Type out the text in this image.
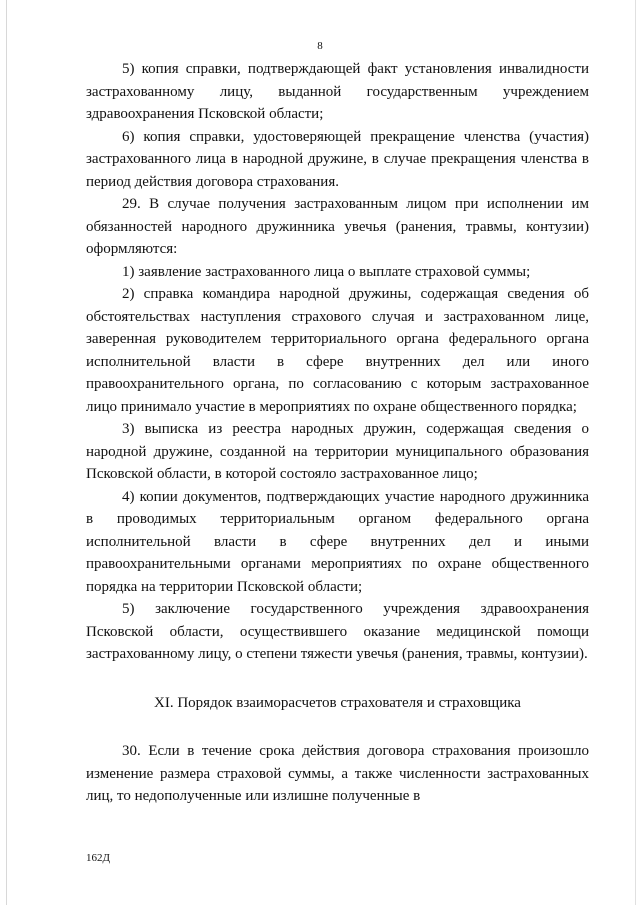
8

5) копия справки, подтверждающей факт установления инвалидности застрахованному лицу, выданной государственным учреждением здравоохранения Псковской области;

6) копия справки, удостоверяющей прекращение членства (участия) застрахованного лица в народной дружине, в случае прекращения членства в период действия договора страхования.

29. В случае получения застрахованным лицом при исполнении им обязанностей народного дружинника увечья (ранения, травмы, контузии) оформляются:

1) заявление застрахованного лица о выплате страховой суммы;

2) справка командира народной дружины, содержащая сведения об обстоятельствах наступления страхового случая и застрахованном лице, заверенная руководителем территориального органа федерального органа исполнительной власти в сфере внутренних дел или иного правоохранительного органа, по согласованию с которым застрахованное лицо принимало участие в мероприятиях по охране общественного порядка;

3) выписка из реестра народных дружин, содержащая сведения о народной дружине, созданной на территории муниципального образования Псковской области, в которой состояло застрахованное лицо;

4) копии документов, подтверждающих участие народного дружинника в проводимых территориальным органом федерального органа исполнительной власти в сфере внутренних дел и иными правоохранительными органами мероприятиях по охране общественного порядка на территории Псковской области;

5) заключение государственного учреждения здравоохранения Псковской области, осуществившего оказание медицинской помощи застрахованному лицу, о степени тяжести увечья (ранения, травмы, контузии).

XI. Порядок взаиморасчетов страхователя и страховщика

30. Если в течение срока действия договора страхования произошло изменение размера страховой суммы, а также численности застрахованных лиц, то недополученные или излишне полученные в

162Д
